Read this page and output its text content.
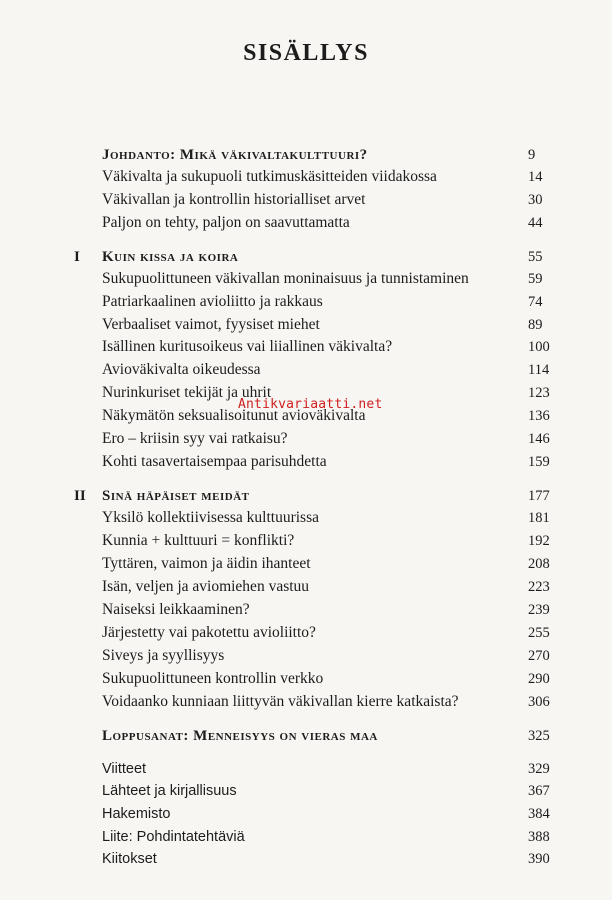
SISÄLLYS
Johdanto: Mikä väkivaltakulttuuri?	9
Väkivalta ja sukupuoli tutkimuskäsitteiden viidakossa	14
Väkivallan ja kontrollin historialliset arvet	30
Paljon on tehty, paljon on saavuttamatta	44
I Kuin kissa ja koira	55
Sukupuolittuneen väkivallan moninaisuus ja tunnistaminen	59
Patriarkaalinen avioliitto ja rakkaus	74
Verbaaliset vaimot, fyysiset miehet	89
Isällinen kuritusoikeus vai liiallinen väkivalta?	100
Avioväkivalta oikeudessa	114
Nurinkuriset tekijät ja uhrit	123
Näkymätön seksualisoitunut avioväkivalta	136
Ero – kriisin syy vai ratkaisu?	146
Kohti tasavertaisempaa parisuhdetta	159
II Sinä häpäiset meidät	177
Yksilö kollektiivisessa kulttuurissa	181
Kunnia + kulttuuri = konflikti?	192
Tyttären, vaimon ja äidin ihanteet	208
Isän, veljen ja aviomiehen vastuu	223
Naiseksi leikkaaminen?	239
Järjestetty vai pakotettu avioliitto?	255
Siveys ja syyllisyys	270
Sukupuolittuneen kontrollin verkko	290
Voidaanko kunniaan liittyvän väkivallan kierre katkaista?	306
Loppusanat: Menneisyys on vieras maa	325
Viitteet	329
Lähteet ja kirjallisuus	367
Hakemisto	384
Liite: Pohdintatehtäviä	388
Kiitokset	390
Antikvariaatti.net
